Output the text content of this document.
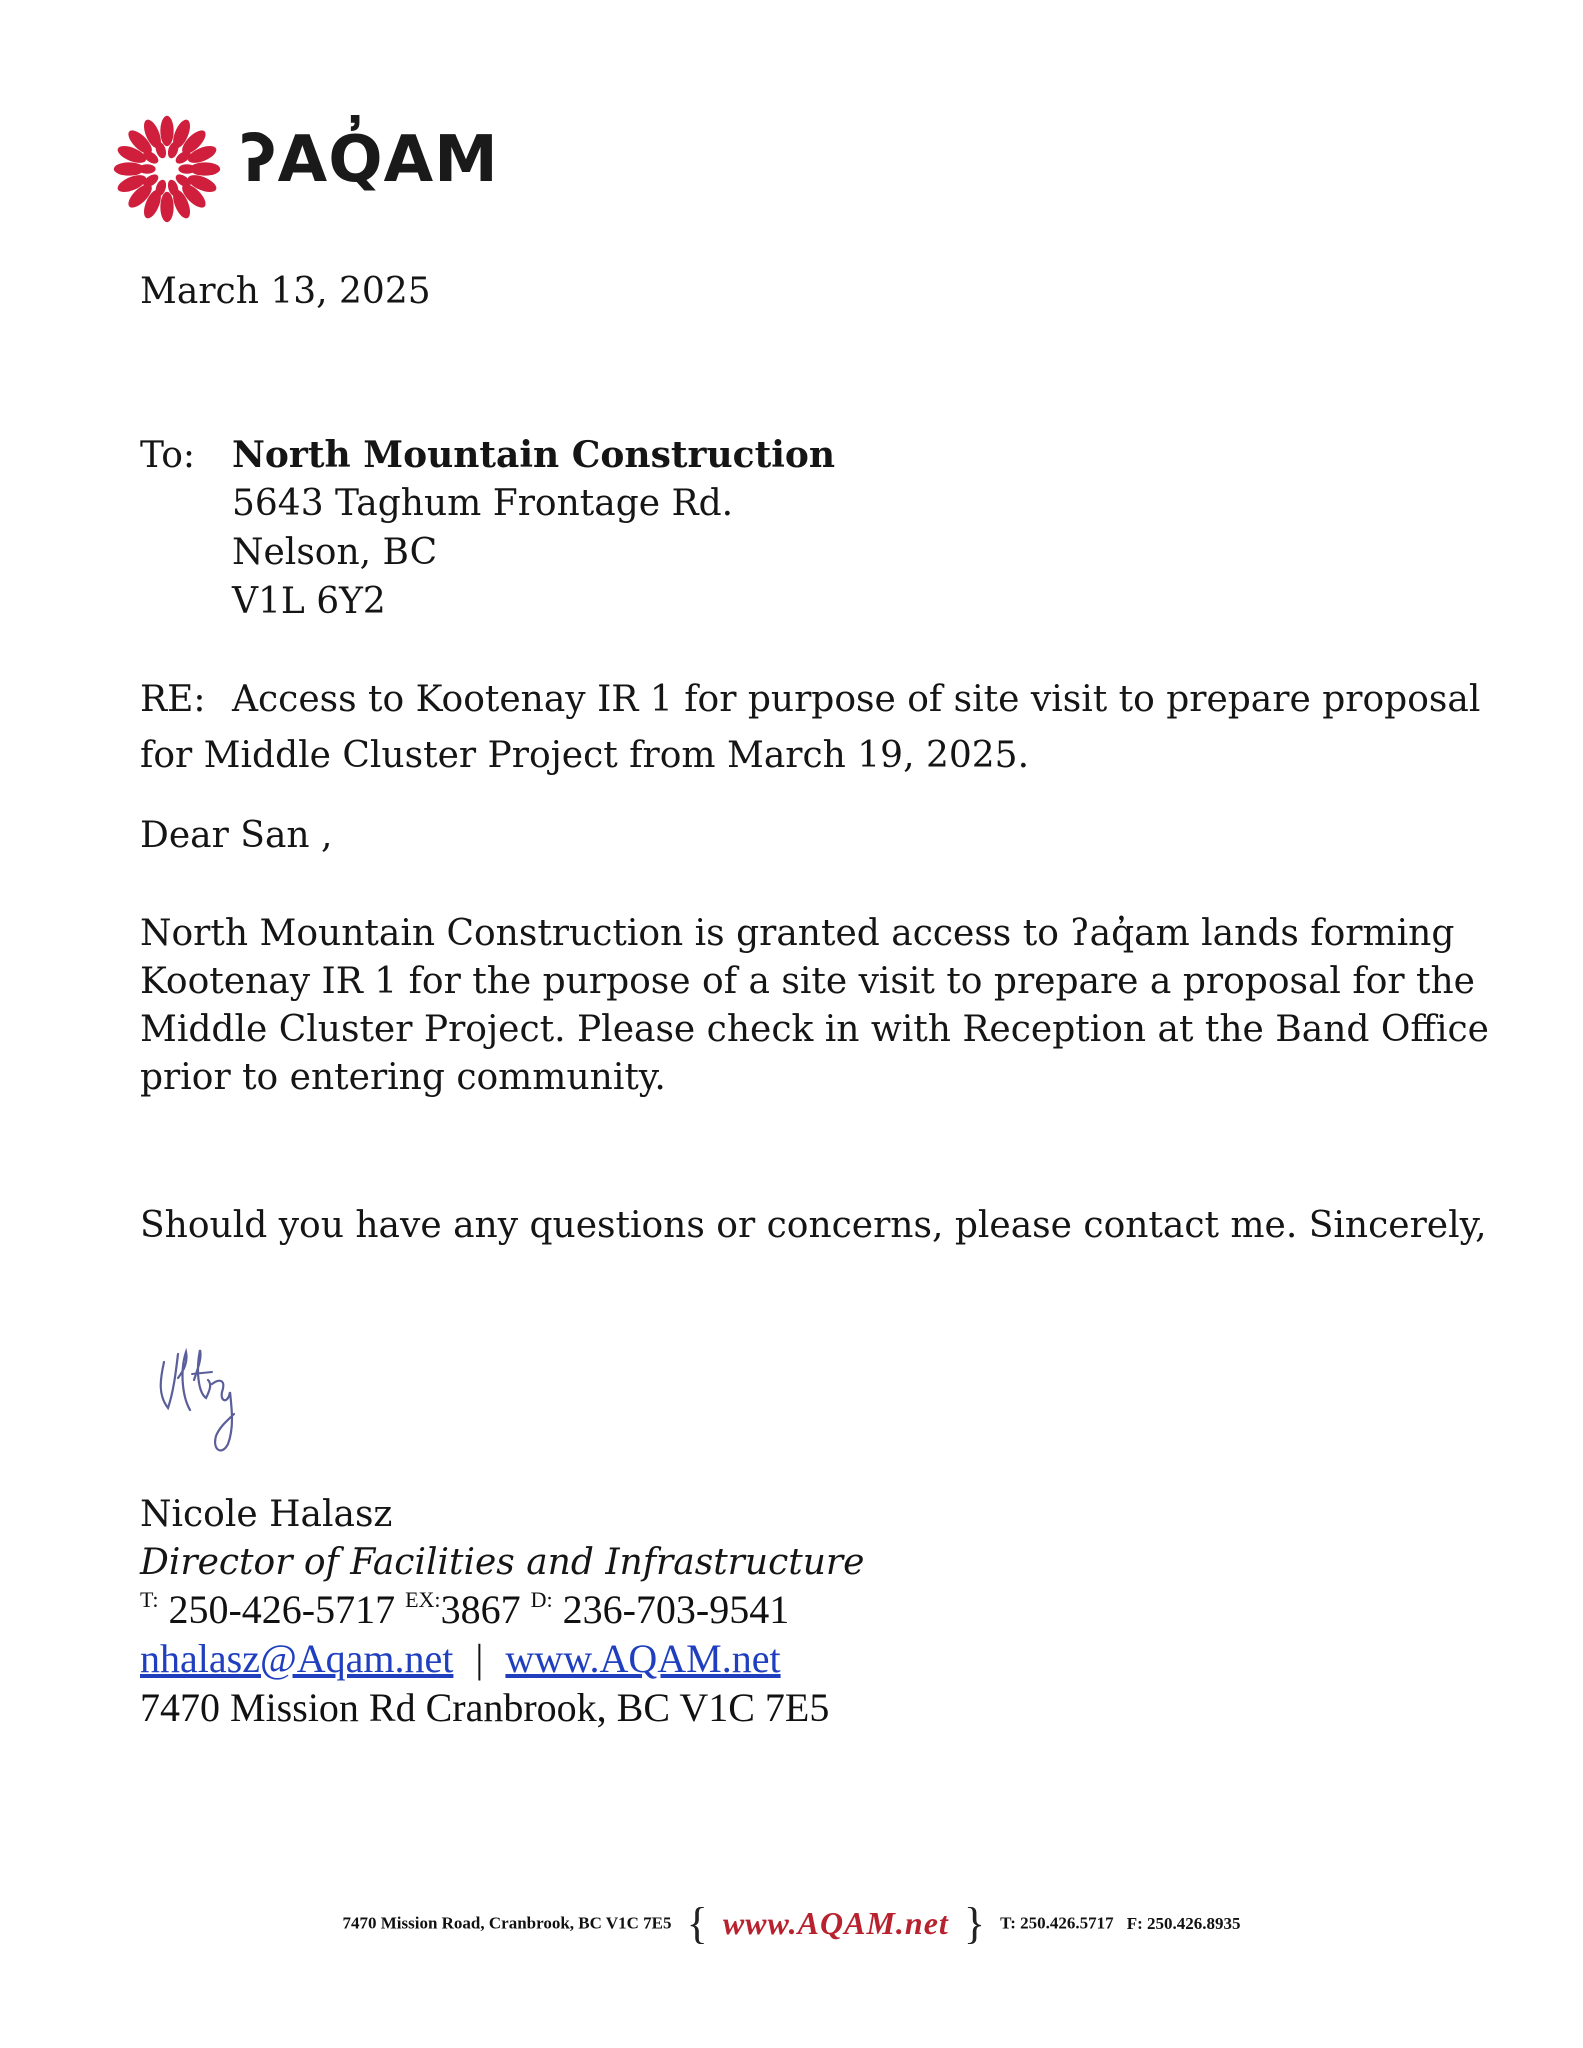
ʔAQ̓AM
March 13, 2025
To: North Mountain Construction
5643 Taghum Frontage Rd.
Nelson, BC
V1L 6Y2
RE: Access to Kootenay IR 1 for purpose of site visit to prepare proposal
for Middle Cluster Project from March 19, 2025.
Dear San ,
North Mountain Construction is granted access to ʔaq̓am lands forming
Kootenay IR 1 for the purpose of a site visit to prepare a proposal for the
Middle Cluster Project. Please check in with Reception at the Band Office
prior to entering community.
Should you have any questions or concerns, please contact me. Sincerely,
Nicole Halasz
Director of Facilities and Infrastructure
$^{T:}$ 250-426-5717 $^{EX:}$3867 $^{D:}$ 236-703-9541
nhalasz@Aqam.net | www.AQAM.net
7470 Mission Rd Cranbrook, BC V1C 7E5
7470 Mission Road, Cranbrook, BC V1C 7E5 { www.AQAM.net } T: 250.426.5717 F: 250.426.8935
